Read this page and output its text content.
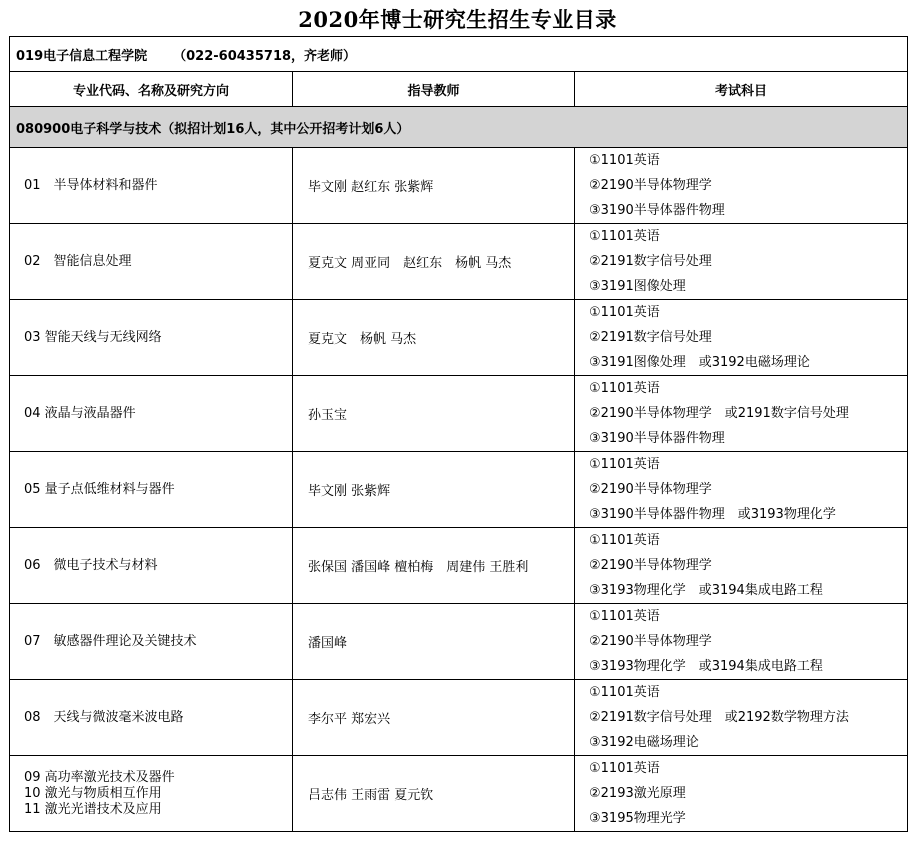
2020年博士研究生招生专业目录
019电子信息工程学院 （022-60435718，齐老师）		
专业代码、名称及研究方向	指导教师	考试科目
080900电子科学与技术（拟招计划16人，其中公开招考计划6人）		

01　半导体材料和器件	毕文刚 赵红东 张紫辉	①1101英语
②2190半导体物理学
③3190半导体器件物理

02　智能信息处理	夏克文 周亚同　赵红东　杨帆 马杰	①1101英语
②2191数字信号处理
③3191图像处理

03 智能天线与无线网络	夏克文　杨帆 马杰	①1101英语
②2191数字信号处理
③3191图像处理　或3192电磁场理论

04 液晶与液晶器件	孙玉宝	①1101英语
②2190半导体物理学　或2191数字信号处理
③3190半导体器件物理

05 量子点低维材料与器件	毕文刚 张紫辉	①1101英语
②2190半导体物理学
③3190半导体器件物理　或3193物理化学

06　微电子技术与材料	张保国 潘国峰 檀柏梅　周建伟 王胜利	①1101英语
②2190半导体物理学
③3193物理化学　或3194集成电路工程

07　敏感器件理论及关键技术	潘国峰	①1101英语
②2190半导体物理学
③3193物理化学　或3194集成电路工程

08　天线与微波毫米波电路	李尔平 郑宏兴	①1101英语
②2191数字信号处理　或2192数学物理方法
③3192电磁场理论

09 高功率激光技术及器件
10 激光与物质相互作用
11 激光光谱技术及应用	吕志伟 王雨雷 夏元钦	①1101英语
②2193激光原理
③3195物理光学
